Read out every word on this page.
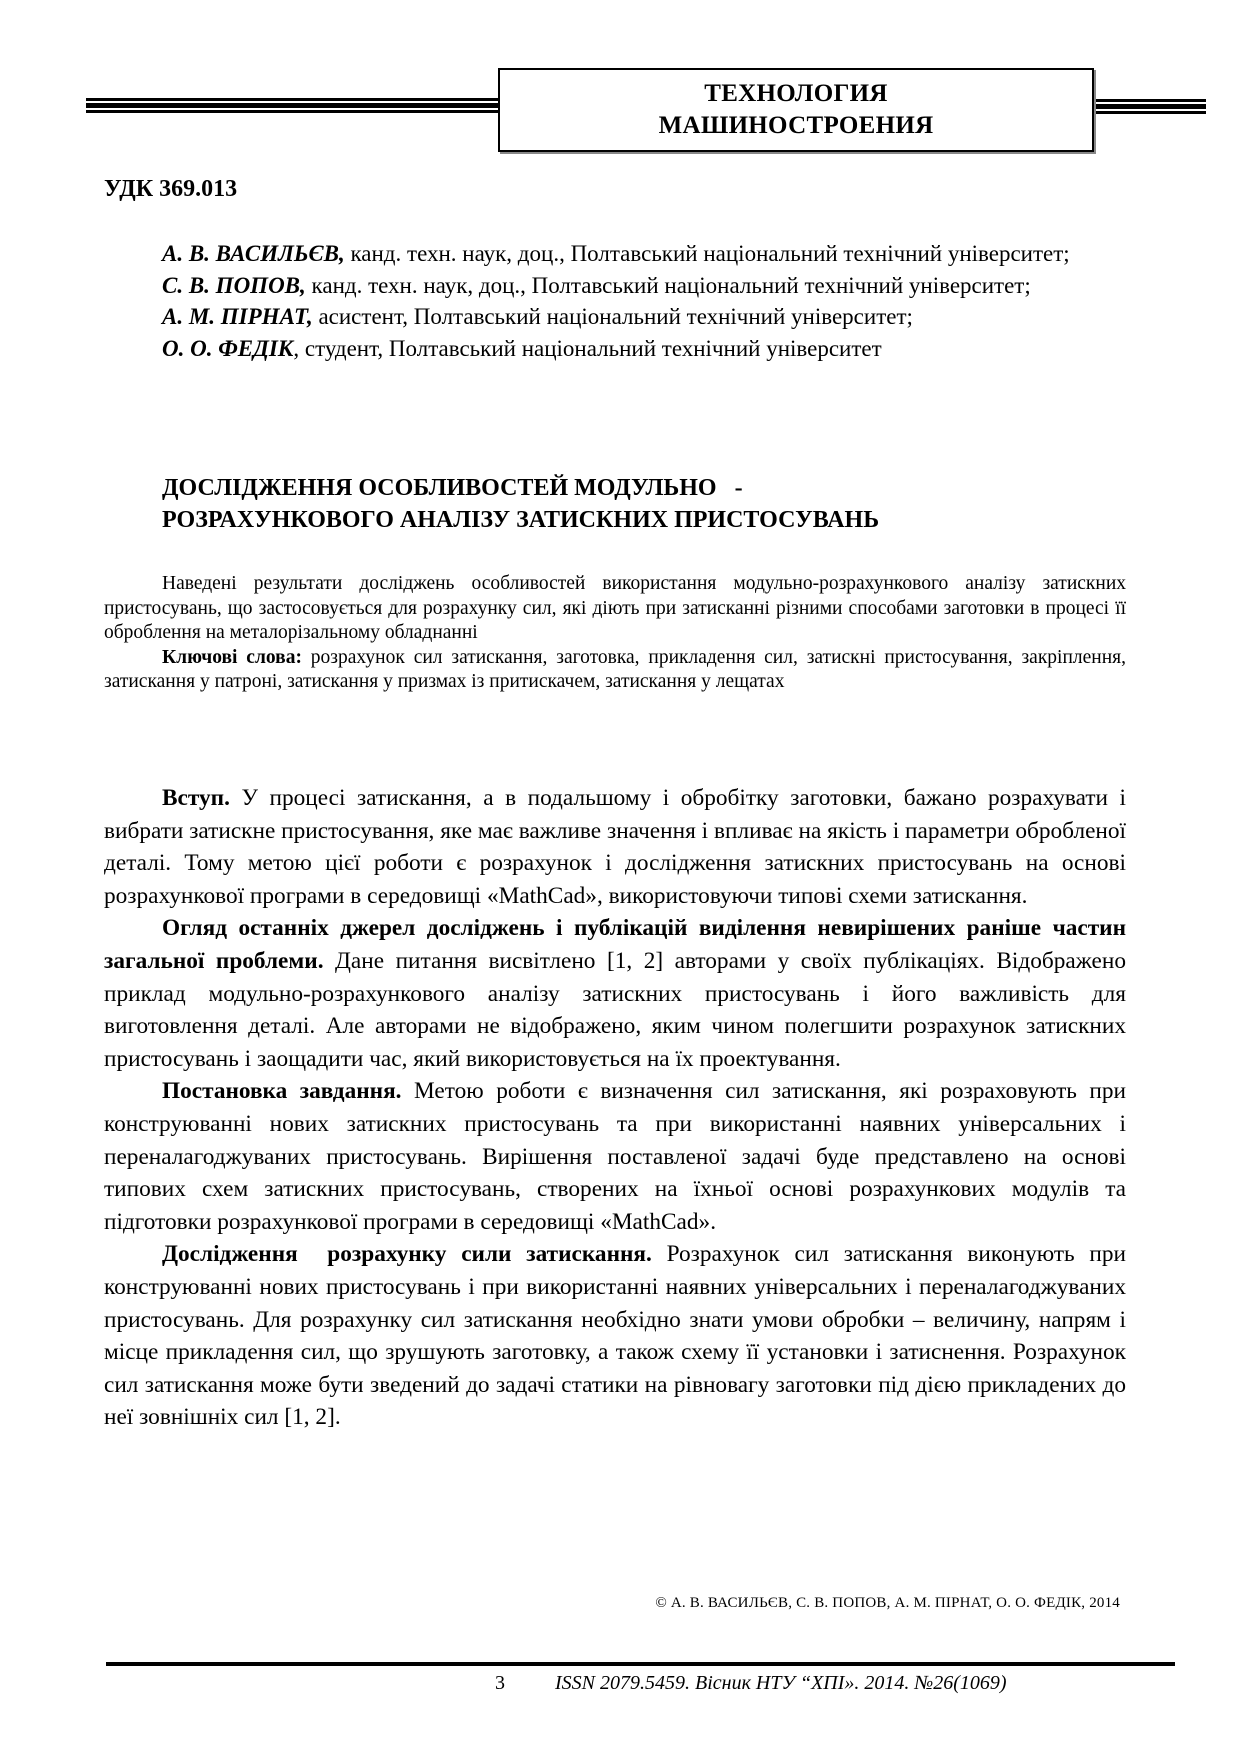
ТЕХНОЛОГИЯ
МАШИНОСТРОЕНИЯ
УДК 369.013
А. В. ВАСИЛЬЄВ, канд. техн. наук, доц., Полтавський національний технічний університет;
С. В. ПОПОВ, канд. техн. наук, доц., Полтавський національний технічний університет;
А. М. ПІРНАТ, асистент, Полтавський національний технічний університет;
О. О. ФЕДІК, студент, Полтавський національний технічний університет
ДОСЛІДЖЕННЯ ОСОБЛИВОСТЕЙ МОДУЛЬНО   -
РОЗРАХУНКОВОГО АНАЛІЗУ ЗАТИСКНИХ ПРИСТОСУВАНЬ

Наведені результати досліджень особливостей використання модульно-розрахункового аналізу затискних пристосувань, що застосовується для розрахунку сил, які діють при затисканні різними способами заготовки в процесі її оброблення на металорізальному обладнанні

Ключові слова: розрахунок сил затискання, заготовка, прикладення сил, затискні пристосування, закріплення, затискання у патроні, затискання у призмах із притискачем, затискання у лещатах

Вступ. У процесі затискання, а в подальшому і обробітку заготовки, бажано розрахувати і вибрати затискне пристосування, яке має важливе значення і впливає на якість і параметри обробленої деталі. Тому метою цієї роботи є розрахунок і дослідження затискних пристосувань на основі розрахункової програми в середовищі «MathCad», використовуючи типові схеми затискання.

Огляд останніх джерел досліджень і публікацій виділення невирішених раніше частин загальної проблеми. Дане питання висвітлено [1, 2] авторами у своїх публікаціях. Відображено приклад модульно-розрахункового аналізу затискних пристосувань і його важливість для виготовлення деталі. Але авторами не відображено, яким чином полегшити розрахунок затискних пристосувань і заощадити час, який використовується на їх проектування.

Постановка завдання. Метою роботи є визначення сил затискання, які розраховують при конструюванні нових затискних пристосувань та при використанні наявних універсальних і переналагоджуваних пристосувань. Вирішення поставленої задачі буде представлено на основі типових схем затискних пристосувань, створених на їхньої основі розрахункових модулів та підготовки розрахункової програми в середовищі «MathCad».

Дослідження  розрахунку сили затискання. Розрахунок сил затискання виконують при конструюванні нових пристосувань і при використанні наявних універсальних і переналагоджуваних пристосувань. Для розрахунку сил затискання необхідно знати умови обробки – величину, напрям і місце прикладення сил, що зрушують заготовку, а також схему її установки і затиснення. Розрахунок сил затискання може бути зведений до задачі статики на рівновагу заготовки під дією прикладених до неї зовнішніх сил [1, 2].

© А. В. ВАСИЛЬЄВ, С. В. ПОПОВ, А. М. ПІРНАТ, О. О. ФЕДІК, 2014
3	ISSN 2079.5459. Вісник НТУ “ХПІ». 2014. №26(1069)
